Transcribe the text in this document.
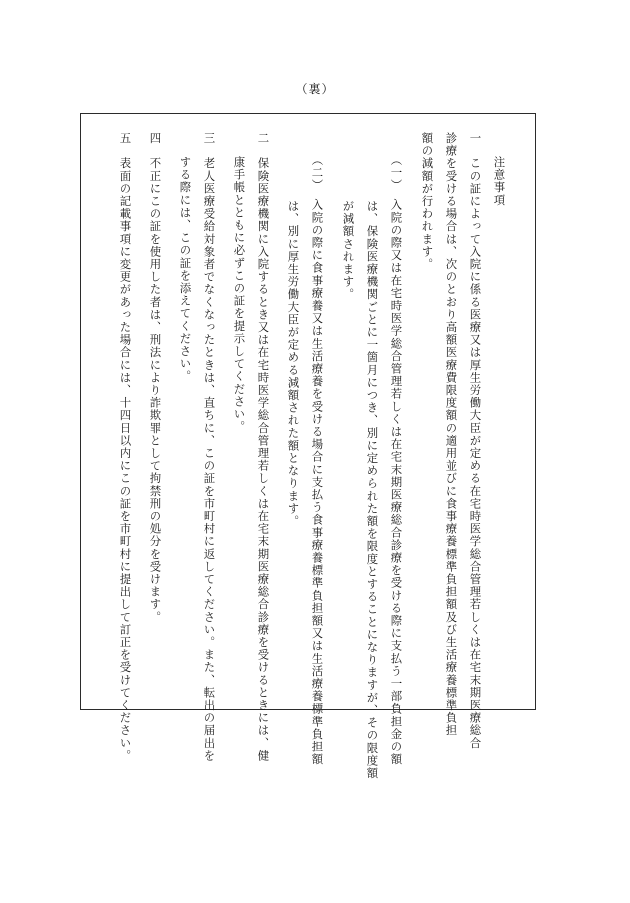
（裏）
注意事項
一　この証によって入院に係る医療又は厚生労働大臣が定める在宅時医学総合管理若しくは在宅末期医療総合
診療を受ける場合は、次のとおり高額医療費限度額の適用並びに食事療養標準負担額及び生活療養標準負担
額の減額が行われます。
（一）　入院の際又は在宅時医学総合管理若しくは在宅末期医療総合診療を受ける際に支払う一部負担金の額
は、保険医療機関ごとに一箇月につき、別に定められた額を限度とすることになりますが、その限度額
が減額されます。
（二）　入院の際に食事療養又は生活療養を受ける場合に支払う食事療養標準負担額又は生活療養標準負担額
は、別に厚生労働大臣が定める減額された額となります。
二　保険医療機関に入院するとき又は在宅時医学総合管理若しくは在宅末期医療総合診療を受けるときには、健
康手帳とともに必ずこの証を提示してください。
三　老人医療受給対象者でなくなったときは、直ちに、この証を市町村に返してください。また、転出の届出を
する際には、この証を添えてください。
四　不正にこの証を使用した者は、刑法により詐欺罪として拘禁刑の処分を受けます。
五　表面の記載事項に変更があった場合には、十四日以内にこの証を市町村に提出して訂正を受けてください。
